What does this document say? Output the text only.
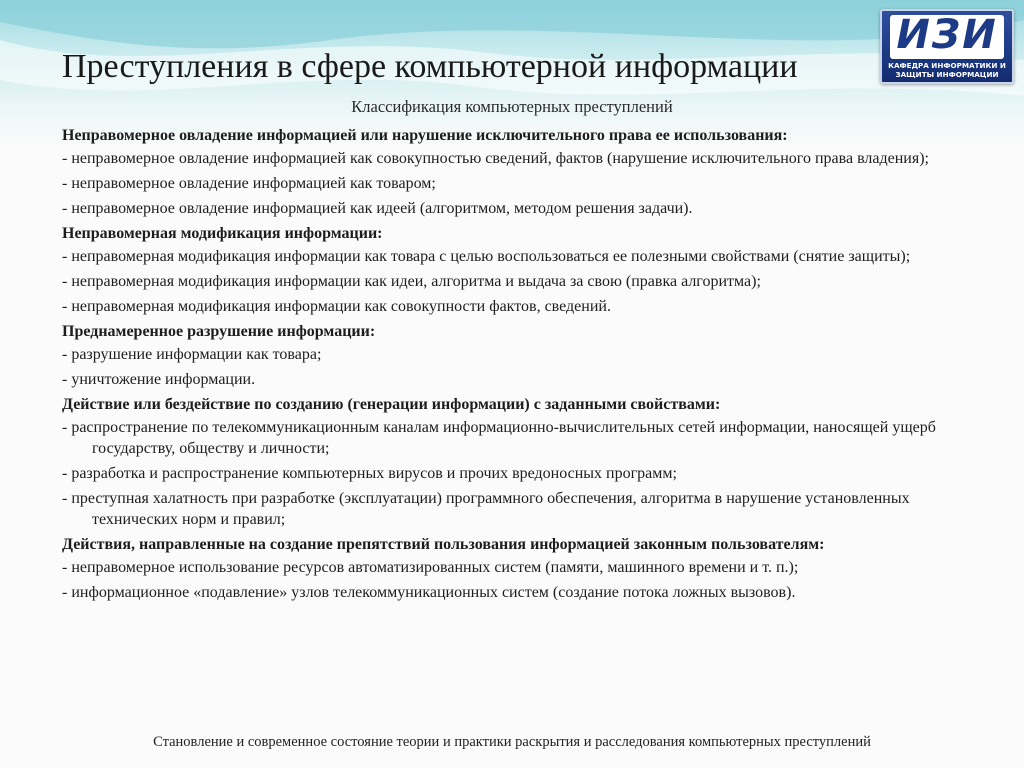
ИЗИ
КАФЕДРА ИНФОРМАТИКИ И
ЗАЩИТЫ ИНФОРМАЦИИ
Преступления в сфере компьютерной информации
Классификация компьютерных преступлений
Неправомерное овладение информацией или нарушение исключительного права ее использования:
- неправомерное овладение информацией как совокупностью сведений, фактов (нарушение исключительного права владения);
- неправомерное овладение информацией как товаром;
- неправомерное овладение информацией как идеей (алгоритмом, методом решения задачи).
Неправомерная модификация информации:
- неправомерная модификация информации как товара с целью воспользоваться ее полезными свойствами (снятие защиты);
- неправомерная модификация информации как идеи, алгоритма и выдача за свою (правка алгоритма);
- неправомерная модификация информации как совокупности фактов, сведений.
Преднамеренное разрушение информации:
- разрушение информации как товара;
- уничтожение информации.
Действие или бездействие по созданию (генерации информации) с заданными свойствами:
- распространение по телекоммуникационным каналам информационно-вычислительных сетей информации, наносящей ущерб государству, обществу и личности;
- разработка и распространение компьютерных вирусов и прочих вредоносных программ;
- преступная халатность при разработке (эксплуатации) программного обеспечения, алгоритма в нарушение установленных технических норм и правил;
Действия, направленные на создание препятствий пользования информацией законным пользователям:
- неправомерное использование ресурсов автоматизированных систем (памяти, машинного времени и т. п.);
- информационное «подавление» узлов телекоммуникационных систем (создание потока ложных вызовов).
Становление и современное состояние теории и практики раскрытия и расследования компьютерных преступлений
